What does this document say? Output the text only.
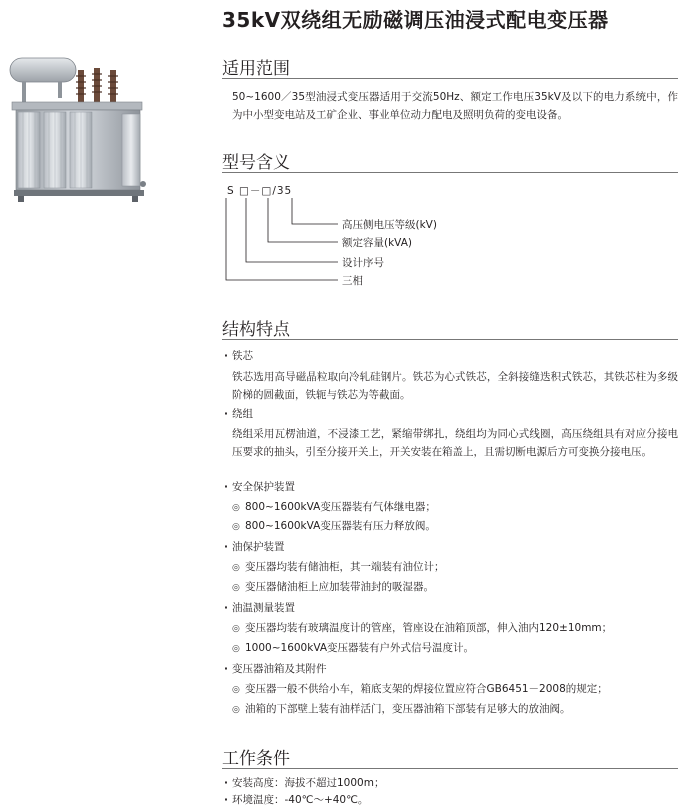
35kV双绕组无励磁调压油浸式配电变压器
适用范围

50~1600／35型油浸式变压器适用于交流50Hz、额定工作电压35kV及以下的电力系统中，作为中小型变电站及工矿企业、事业单位动力配电及照明负荷的变电设备。

型号含义
S □－□/35
高压侧电压等级(kV)
额定容量(kVA)
设计序号
三相
结构特点
· 铁芯

铁芯选用高导磁晶粒取向冷轧硅钢片。铁芯为心式铁芯，全斜接缝迭积式铁芯，其铁芯柱为多级阶梯的圆截面，铁轭与铁芯为等截面。

· 绕组

绕组采用瓦楞油道，不浸漆工艺，紧缩带绑扎，绕组均为同心式线圈，高压绕组具有对应分接电压要求的抽头，引至分接开关上，开关安装在箱盖上，且需切断电源后方可变换分接电压。

· 安全保护装置
◎ 800~1600kVA变压器装有气体继电器；
◎ 800~1600kVA变压器装有压力释放阀。
· 油保护装置
◎ 变压器均装有储油柜，其一端装有油位计；
◎ 变压器储油柜上应加装带油封的吸湿器。
· 油温测量装置
◎ 变压器均装有玻璃温度计的管座，管座设在油箱顶部，伸入油内120±10mm；
◎ 1000~1600kVA变压器装有户外式信号温度计。
· 变压器油箱及其附件
◎ 变压器一般不供给小车，箱底支架的焊接位置应符合GB6451－2008的规定；
◎ 油箱的下部壁上装有油样活门，变压器油箱下部装有足够大的放油阀。
工作条件
· 安装高度：海拔不超过1000m；
· 环境温度：-40℃～+40℃。
